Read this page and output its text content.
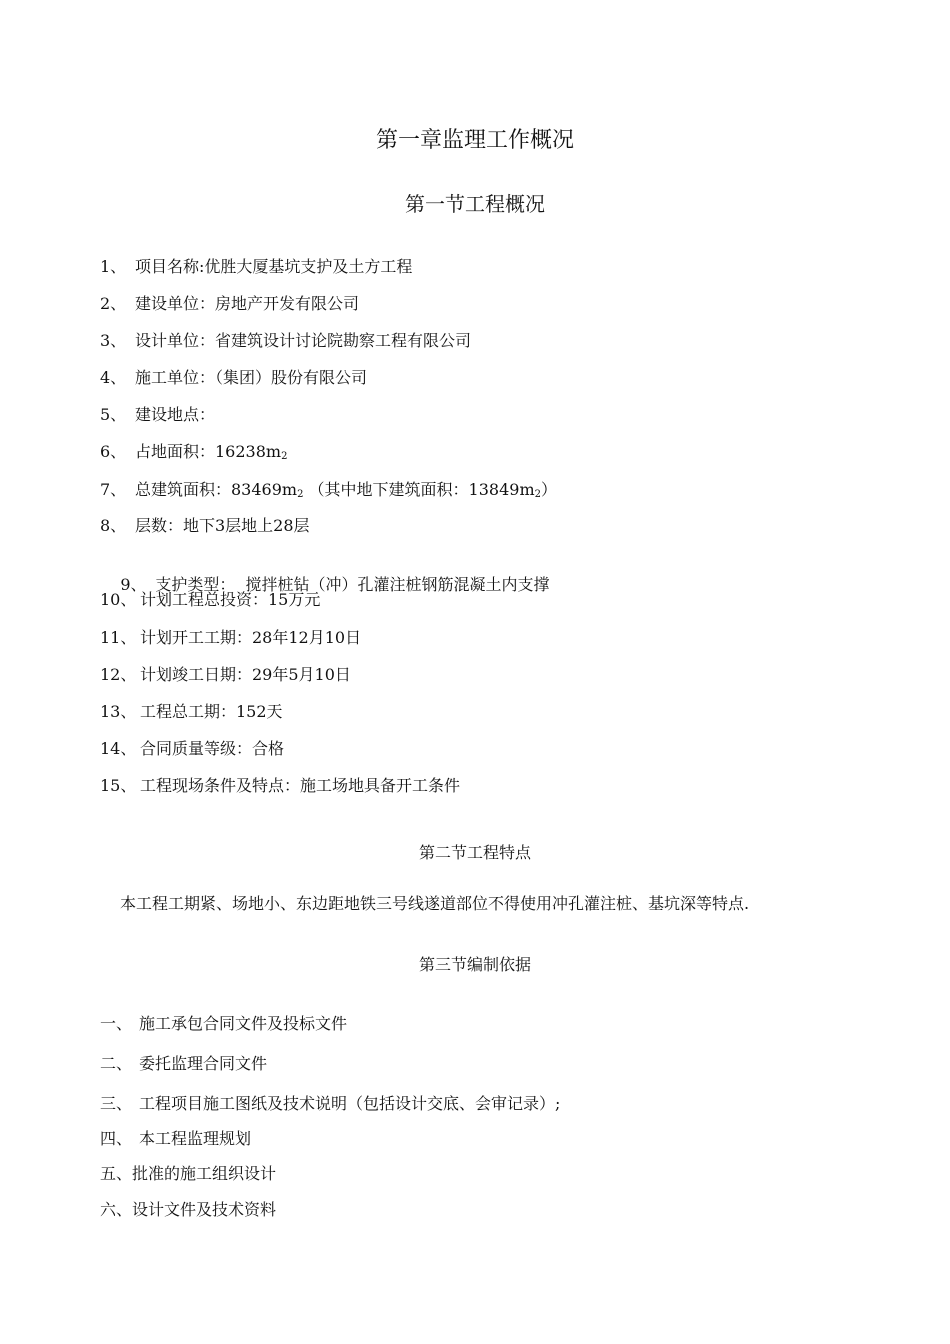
第一章监理工作概况
第一节工程概况
1、 项目名称:优胜大厦基坑支护及土方工程
2、 建设单位：房地产开发有限公司
3、 设计单位：省建筑设计讨论院勘察工程有限公司
4、 施工单位：（集团）股份有限公司
5、 建设地点：
6、 占地面积：$16238m_2$
7、 总建筑面积：$83469m_2$ （其中地下建筑面积：$13849m_2$）
8、 层数：地下3层地上28层

9、 支护类型：  搅拌桩钻（冲）孔灌注桩钢筋混凝土内支撑

10、 计划工程总投资：15万元
11、 计划开工工期：28年12月10日
12、 计划竣工日期：29年5月10日
13、 工程总工期：152天
14、 合同质量等级：合格
15、 工程现场条件及特点：施工场地具备开工条件
第二节工程特点
本工程工期紧、场地小、东边距地铁三号线遂道部位不得使用冲孔灌注桩、基坑深等特点.
第三节编制依据
一、 施工承包合同文件及投标文件
二、 委托监理合同文件
三、 工程项目施工图纸及技术说明（包括设计交底、会审记录）;
四、 本工程监理规划
五、批准的施工组织设计
六、设计文件及技术资料
